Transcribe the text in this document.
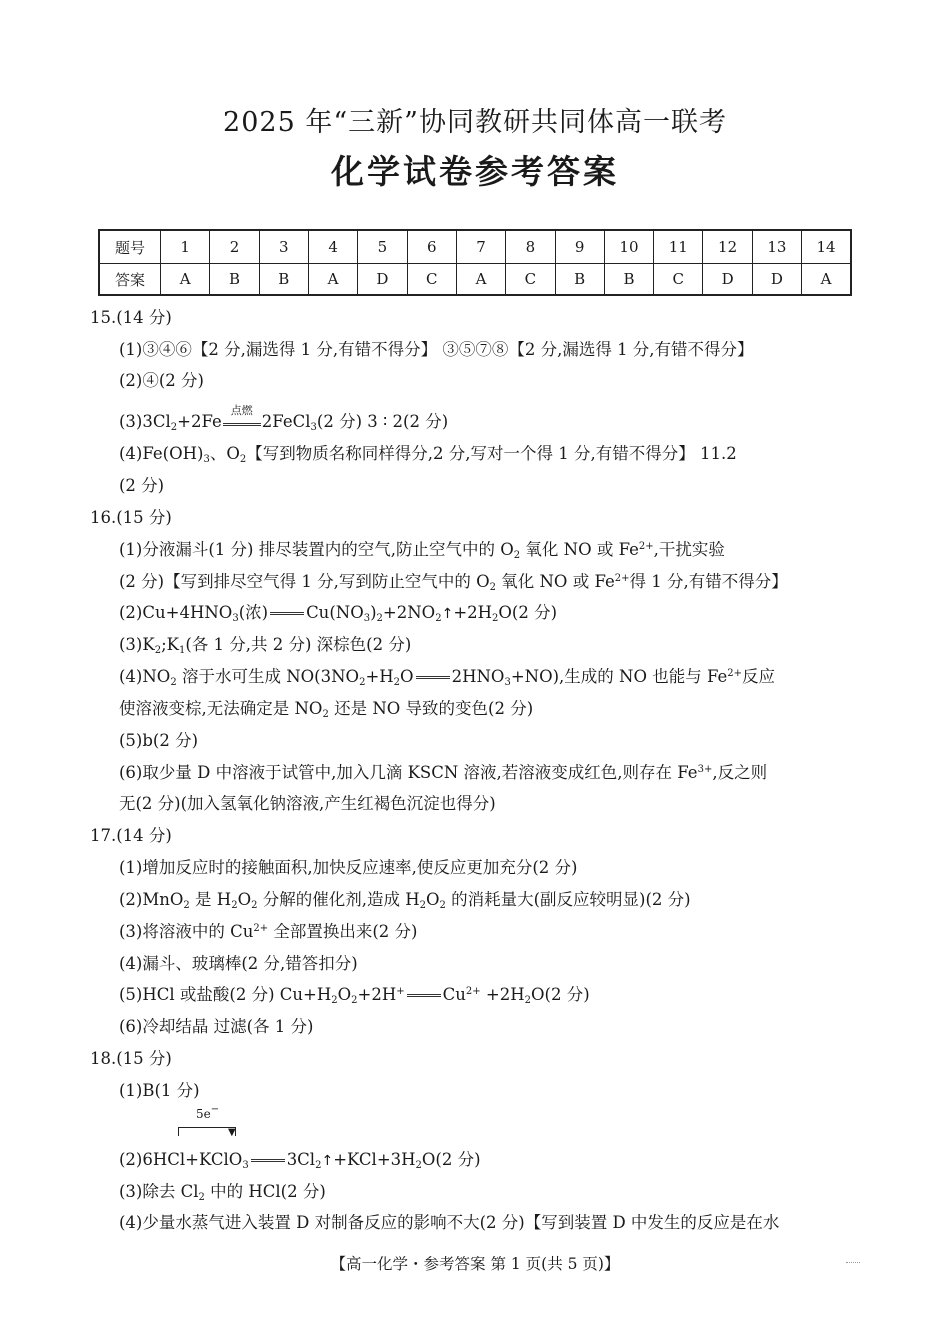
2025 年“三新”协同教研共同体高一联考
化学试卷参考答案
题号	1	2	3	4	5	6	7	8	9	10	11	12	13	14
答案	A	B	B	A	D	C	A	C	B	B	C	D	D	A
15.(14 分)
(1)③④⑥【2 分,漏选得 1 分,有错不得分】 ③⑤⑦⑧【2 分,漏选得 1 分,有错不得分】
(2)④(2 分)
$(3)3Cl_2+2Fe$
点燃
2FeCl$_3$(2 分) 3 ∶ 2(2 分)
$(4)Fe(OH)_3$、$O_2$【写到物质名称同样得分,2 分,写对一个得 1 分,有错不得分】 11.2
(2 分)
16.(15 分)
(1)分液漏斗(1 分) 排尽装置内的空气,防止空气中的 $O_2$ 氧化 NO 或 $Fe^{2+}$,干扰实验
(2 分)【写到排尽空气得 1 分,写到防止空气中的 $O_2$ 氧化 NO 或 $Fe^{2+}$得 1 分,有错不得分】
$(2)Cu+4HNO_3$(浓) $Cu(NO_3)_2+2NO_2↑+2H_2O(2$ 分)
$(3)K_2;K_1$(各 1 分,共 2 分) 深棕色(2 分)
$(4)NO_2$ 溶于水可生成 $NO(3NO_2+H_2O$ $2HNO_3+NO$),生成的 NO 也能与 $Fe^{2+}$反应
使溶液变棕,无法确定是 $NO_2$ 还是 NO 导致的变色(2 分)
(5)b(2 分)
(6)取少量 D 中溶液于试管中,加入几滴 KSCN 溶液,若溶液变成红色,则存在 $Fe^{3+}$,反之则
无(2 分)(加入氢氧化钠溶液,产生红褐色沉淀也得分)
17.(14 分)
(1)增加反应时的接触面积,加快反应速率,使反应更加充分(2 分)
(2)MnO$_2$ 是 $H_2O_2$ 分解的催化剂,造成 $H_2O_2$ 的消耗量大(副反应较明显)(2 分)
(3)将溶液中的 $Cu^{2+}$ 全部置换出来(2 分)
(4)漏斗、玻璃棒(2 分,错答扣分)
(5)HCl 或盐酸(2 分) $Cu+H_2O_2+2H^+$ $Cu^{2+} +2H_2O(2$ 分)
(6)冷却结晶 过滤(各 1 分)
18.(15 分)
(1)B(1 分)
5e−
▼
(2)6HCl+KClO$_3$ $3Cl_2↑+KCl+3H_2O(2$ 分)
(3)除去 $Cl_2$ 中的 HCl(2 分)
(4)少量水蒸气进入装置 D 对制备反应的影响不大(2 分)【写到装置 D 中发生的反应是在水
【高一化学・参考答案 第 1 页(共 5 页)】
